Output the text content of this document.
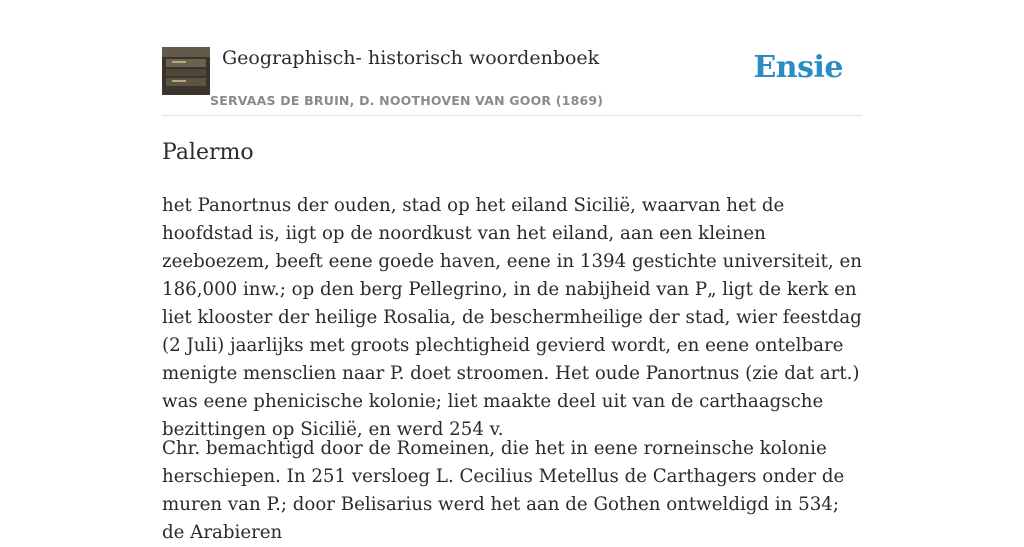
Geographisch- historisch woordenboek
SERVAAS DE BRUIN, D. NOOTHOVEN VAN GOOR (1869)
Ensie
Palermo

het Panortnus der ouden, stad op het eiland Sicilië, waarvan het de hoofdstad is, iigt op de noordkust van het eiland, aan een kleinen zeeboezem, beeft eene goede haven, eene in 1394 gestichte universiteit, en 186,000 inw.; op den berg Pellegrino, in de nabijheid van P„ ligt de kerk en liet klooster der heilige Rosalia, de beschermheilige der stad, wier feestdag (2 Juli) jaarlijks met groots plechtigheid gevierd wordt, en eene ontelbare menigte mensclien naar P. doet stroomen. Het oude Panortnus (zie dat art.) was eene phenicische kolonie; liet maakte deel uit van de carthaagsche bezittingen op Sicilië, en werd 254 v.

Chr. bemachtigd door de Romeinen, die het in eene rorneinsche kolonie herschiepen. In 251 versloeg L. Cecilius Metellus de Carthagers onder de muren van P.; door Belisarius werd het aan de Gothen ontweldigd in 534; de Arabieren
